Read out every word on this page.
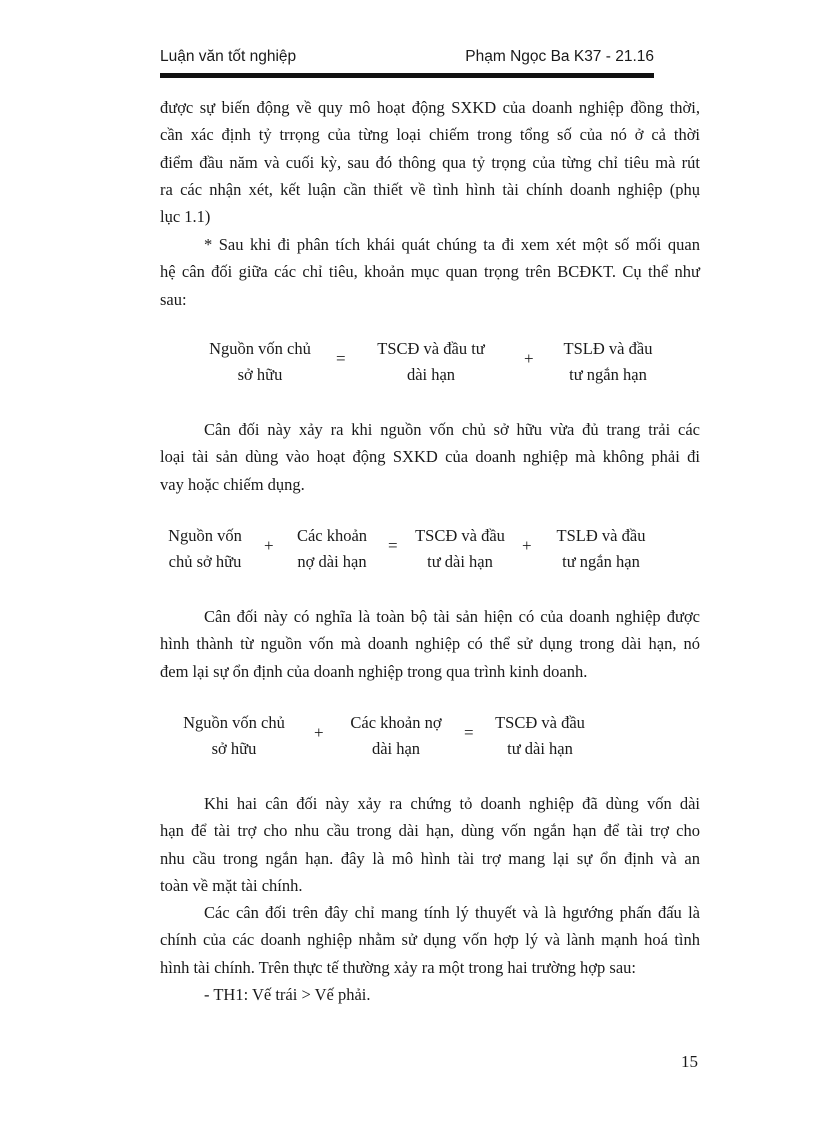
Luận văn tốt nghiệp	Phạm Ngọc Ba K37 - 21.16
được sự biến động về quy mô hoạt động SXKD của doanh nghiệp đồng thời,
cần xác định tỷ trrọng của từng loại chiếm trong tổng số của nó ở cả thời
điểm đầu năm và cuối kỳ, sau đó thông qua tỷ trọng của từng chỉ tiêu mà rút
ra các nhận xét, kết luận cần thiết về tình hình tài chính doanh nghiệp (phụ
lục 1.1)
* Sau khi đi phân tích khái quát chúng ta đi xem xét một số mối quan
hệ cân đối giữa các chỉ tiêu, khoản mục quan trọng trên BCĐKT. Cụ thể như
sau:
Nguồn vốn chủ
sở hữu
=
TSCĐ và đầu tư
dài hạn
+
TSLĐ và đầu
tư ngắn hạn
Cân đối này xảy ra khi nguồn vốn chủ sở hữu vừa đủ trang trải các
loại tài sản dùng vào hoạt động SXKD của doanh nghiệp mà không phải đi
vay hoặc chiếm dụng.
Nguồn vốn
chủ sở hữu
+
Các khoản
nợ dài hạn
=
TSCĐ và đầu
tư dài hạn
+
TSLĐ và đầu
tư ngắn hạn
Cân đối này có nghĩa là toàn bộ tài sản hiện có của doanh nghiệp được
hình thành từ nguồn vốn mà doanh nghiệp có thể sử dụng trong dài hạn, nó
đem lại sự ổn định của doanh nghiệp trong qua trình kinh doanh.
Nguồn vốn chủ
sở hữu
+
Các khoản nợ
dài hạn
=
TSCĐ và đầu
tư dài hạn
Khi hai cân đối này xảy ra chứng tỏ doanh nghiệp đã dùng vốn dài
hạn để tài trợ cho nhu cầu trong dài hạn, dùng vốn ngắn hạn để tài trợ cho
nhu cầu trong ngắn hạn. đây là mô hình tài trợ mang lại sự ổn định và an
toàn về mặt tài chính.
Các cân đối trên đây chỉ mang tính lý thuyết và là hgướng phấn đấu là
chính của các doanh nghiệp nhằm sử dụng vốn hợp lý và lành mạnh hoá tình
hình tài chính. Trên thực tế thường xảy ra một trong hai trường hợp sau:
- TH1: Vế trái > Vế phải.
15
